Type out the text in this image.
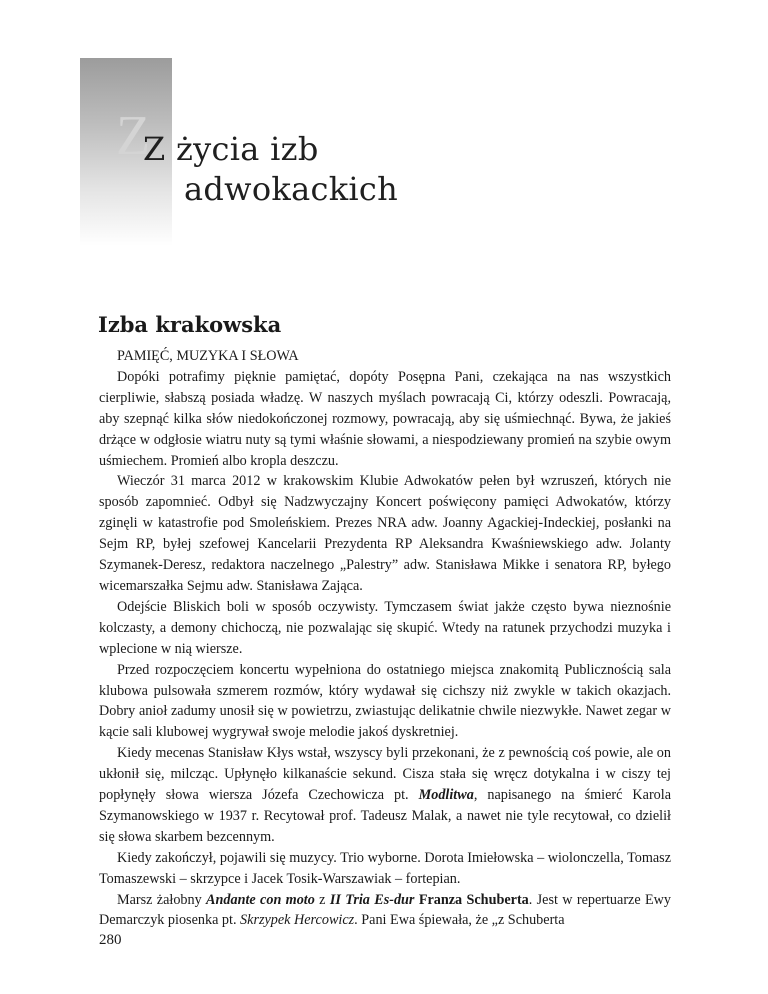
Z
Z życia izb
adwokackich
Izba krakowska

PAMIĘĆ, MUZYKA I SŁOWA

Dopóki potrafimy pięknie pamiętać, dopóty Posępna Pani, czekająca na nas wszystkich cierpliwie, słabszą posiada władzę. W naszych myślach powracają Ci, którzy odeszli. Powracają, aby szepnąć kilka słów niedokończonej rozmowy, powracają, aby się uśmiechnąć. Bywa, że jakieś drżące w odgłosie wiatru nuty są tymi właśnie słowami, a niespodziewany promień na szybie owym uśmiechem. Promień albo kropla deszczu.

Wieczór 31 marca 2012 w krakowskim Klubie Adwokatów pełen był wzruszeń, których nie sposób zapomnieć. Odbył się Nadzwyczajny Koncert poświęcony pamięci Adwokatów, którzy zginęli w katastrofie pod Smoleńskiem. Prezes NRA adw. Joanny Agackiej-Indeckiej, posłanki na Sejm RP, byłej szefowej Kancelarii Prezydenta RP Aleksandra Kwaśniewskiego adw. Jolanty Szymanek-Deresz, redaktora naczelnego „Palestry” adw. Stanisława Mikke i senatora RP, byłego wicemarszałka Sejmu adw. Stanisława Zająca.

Odejście Bliskich boli w sposób oczywisty. Tymczasem świat jakże często bywa nieznośnie kolczasty, a demony chichoczą, nie pozwalając się skupić. Wtedy na ratunek przychodzi muzyka i wplecione w nią wiersze.

Przed rozpoczęciem koncertu wypełniona do ostatniego miejsca znakomitą Publicznością sala klubowa pulsowała szmerem rozmów, który wydawał się cichszy niż zwykle w takich okazjach. Dobry anioł zadumy unosił się w powietrzu, zwiastując delikatnie chwile niezwykłe. Nawet zegar w kącie sali klubowej wygrywał swoje melodie jakoś dyskretniej.

Kiedy mecenas Stanisław Kłys wstał, wszyscy byli przekonani, że z pewnością coś powie, ale on ukłonił się, milcząc. Upłynęło kilkanaście sekund. Cisza stała się wręcz dotykalna i w ciszy tej popłynęły słowa wiersza Józefa Czechowicza pt. Modlitwa, napisanego na śmierć Karola Szymanowskiego w 1937 r. Recytował prof. Tadeusz Malak, a nawet nie tyle recytował, co dzielił się słowa skarbem bezcennym.

Kiedy zakończył, pojawili się muzycy. Trio wyborne. Dorota Imiełowska – wiolonczella, Tomasz Tomaszewski – skrzypce i Jacek Tosik-Warszawiak – fortepian.

Marsz żałobny Andante con moto z II Tria Es-dur Franza Schuberta. Jest w repertuarze Ewy Demarczyk piosenka pt. Skrzypek Hercowicz. Pani Ewa śpiewała, że „z Schuberta

280
